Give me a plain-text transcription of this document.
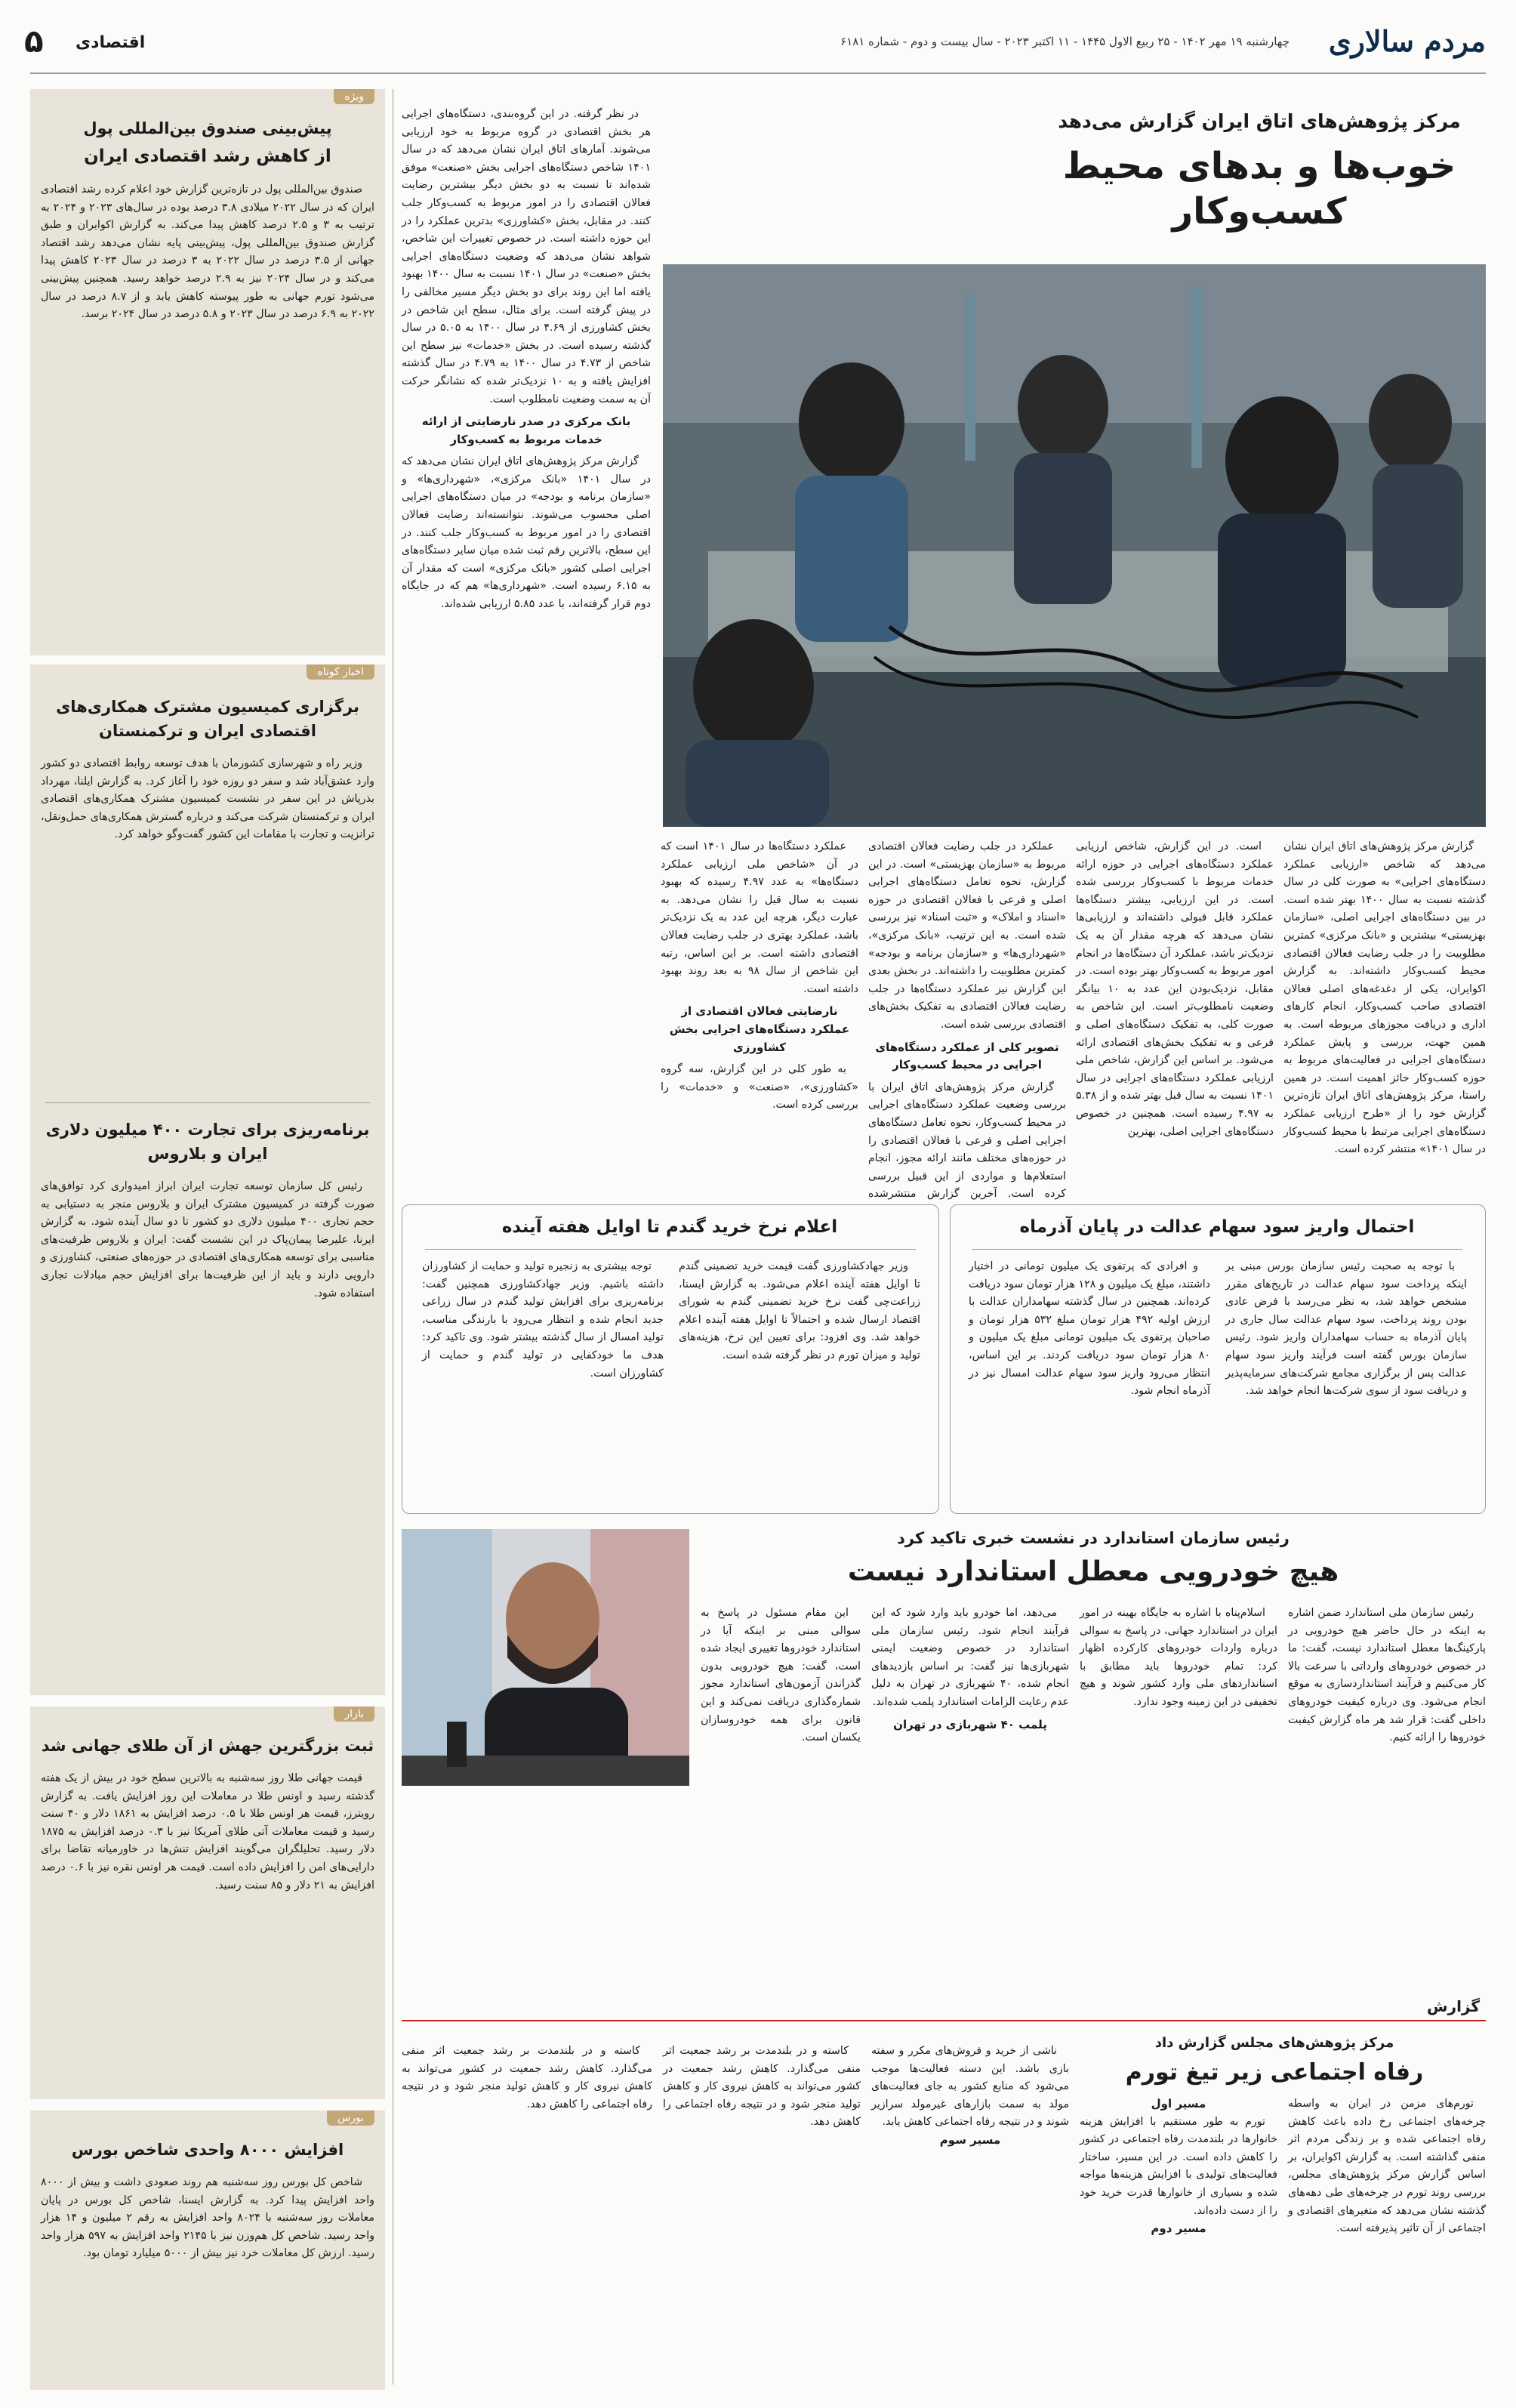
مردم سالاری
چهارشنبه ۱۹ مهر ۱۴۰۲ - ۲۵ ربیع الاول ۱۴۴۵ - ۱۱ اکتبر ۲۰۲۳ - سال بیست و دوم - شماره ۶۱۸۱
۵ اقتصادی
مرکز پژوهش‌های اتاق ایران گزارش می‌دهد
خوب‌ها و بدهای محیط کسب‌وکار

گزارش مرکز پژوهش‌های اتاق ایران نشان می‌دهد که شاخص «ارزیابی عملکرد دستگاه‌های اجرایی» به صورت کلی در سال گذشته نسبت به سال ۱۴۰۰ بهتر شده است. در بین دستگاه‌های اجرایی اصلی، «سازمان بهزیستی» بیشترین و «بانک مرکزی» کمترین مطلوبیت را در جلب رضایت فعالان اقتصادی محیط کسب‌وکار داشته‌اند. به گزارش اکوایران، یکی از دغدغه‌های اصلی فعالان اقتصادی صاحب کسب‌وکار، انجام کارهای اداری و دریافت مجوزهای مربوطه است. به همین جهت، بررسی و پایش عملکرد دستگاه‌های اجرایی در فعالیت‌های مربوط به حوزه کسب‌وکار حائز اهمیت است. در همین راستا، مرکز پژوهش‌های اتاق ایران تازه‌ترین گزارش خود را از «طرح ارزیابی عملکرد دستگاه‌های اجرایی مرتبط با محیط کسب‌وکار در سال ۱۴۰۱» منتشر کرده است.

است. در این گزارش، شاخص ارزیابی عملکرد دستگاه‌های اجرایی در حوزه ارائه خدمات مربوط با کسب‌وکار بررسی شده است. در این ارزیابی، بیشتر دستگاه‌ها عملکرد قابل قبولی داشته‌اند و ارزیابی‌ها نشان می‌دهد که هرچه مقدار آن به یک نزدیک‌تر باشد، عملکرد آن دستگاه‌ها در انجام امور مربوط به کسب‌وکار بهتر بوده است. در مقابل، نزدیک‌بودن این عدد به ۱۰ بیانگر وضعیت نامطلوب‌تر است. این شاخص به صورت کلی، به تفکیک دستگاه‌های اصلی و فرعی و به تفکیک بخش‌های اقتصادی ارائه می‌شود. بر اساس این گزارش، شاخص ملی ارزیابی عملکرد دستگاه‌های اجرایی در سال ۱۴۰۱ نسبت به سال قبل بهتر شده و از ۵.۳۸ به ۴.۹۷ رسیده است. همچنین در خصوص دستگاه‌های اجرایی اصلی، بهترین

عملکرد در جلب رضایت فعالان اقتصادی مربوط به «سازمان بهزیستی» است. در این گزارش، نحوه تعامل دستگاه‌های اجرایی اصلی و فرعی با فعالان اقتصادی در حوزه «اسناد و املاک» و «ثبت اسناد» نیز بررسی شده است. به این ترتیب، «بانک مرکزی»، «شهرداری‌ها» و «سازمان برنامه و بودجه» کمترین مطلوبیت را داشته‌اند. در بخش بعدی این گزارش نیز عملکرد دستگاه‌ها در جلب رضایت فعالان اقتصادی به تفکیک بخش‌های اقتصادی بررسی شده است.

تصویر کلی از عملکرد دستگاه‌های اجرایی در محیط کسب‌وکار

گزارش مرکز پژوهش‌های اتاق ایران با بررسی وضعیت عملکرد دستگاه‌های اجرایی در محیط کسب‌وکار، نحوه تعامل دستگاه‌های اجرایی اصلی و فرعی با فعالان اقتصادی را در حوزه‌های مختلف مانند ارائه مجوز، انجام استعلام‌ها و مواردی از این قبیل بررسی کرده است. آخرین گزارش منتشرشده

عملکرد دستگاه‌ها در سال ۱۴۰۱ است که در آن «شاخص ملی ارزیابی عملکرد دستگاه‌ها» به عدد ۴.۹۷ رسیده که بهبود نسبت به سال قبل را نشان می‌دهد. به عبارت دیگر، هرچه این عدد به یک نزدیک‌تر باشد، عملکرد بهتری در جلب رضایت فعالان اقتصادی داشته است. بر این اساس، رتبه این شاخص از سال ۹۸ به بعد روند بهبود داشته است.

نارضایتی فعالان اقتصادی از عملکرد دستگاه‌های اجرایی بخش کشاورزی

به طور کلی در این گزارش، سه گروه «کشاورزی»، «صنعت» و «خدمات» را بررسی کرده است.

در نظر گرفته. در این گروه‌بندی، دستگاه‌های اجرایی هر بخش اقتصادی در گروه مربوط به خود ارزیابی می‌شوند. آمارهای اتاق ایران نشان می‌دهد که در سال ۱۴۰۱ شاخص دستگاه‌های اجرایی بخش «صنعت» موفق شده‌اند تا نسبت به دو بخش دیگر بیشترین رضایت فعالان اقتصادی را در امور مربوط به کسب‌وکار جلب کنند. در مقابل، بخش «کشاورزی» بدترین عملکرد را در این حوزه داشته است. در خصوص تغییرات این شاخص، شواهد نشان می‌دهد که وضعیت دستگاه‌های اجرایی بخش «صنعت» در سال ۱۴۰۱ نسبت به سال ۱۴۰۰ بهبود یافته اما این روند برای دو بخش دیگر مسیر مخالفی را در پیش گرفته است. برای مثال، سطح این شاخص در بخش کشاورزی از ۴.۶۹ در سال ۱۴۰۰ به ۵.۰۵ در سال گذشته رسیده است. در بخش «خدمات» نیز سطح این شاخص از ۴.۷۳ در سال ۱۴۰۰ به ۴.۷۹ در سال گذشته افزایش یافته و به ۱۰ نزدیک‌تر شده که نشانگر حرکت آن به سمت وضعیت نامطلوب است.

بانک مرکزی در صدر نارضایتی از ارائه خدمات مربوط به کسب‌وکار

گزارش مرکز پژوهش‌های اتاق ایران نشان می‌دهد که در سال ۱۴۰۱ «بانک مرکزی»، «شهرداری‌ها» و «سازمان برنامه و بودجه» در میان دستگاه‌های اجرایی اصلی محسوب می‌شوند. نتوانسته‌اند رضایت فعالان اقتصادی را در امور مربوط به کسب‌وکار جلب کنند. در این سطح، بالاترین رقم ثبت شده میان سایر دستگاه‌های اجرایی اصلی کشور «بانک مرکزی» است که مقدار آن به ۶.۱۵ رسیده است. «شهرداری‌ها» هم که در جایگاه دوم قرار گرفته‌اند، با عدد ۵.۸۵ ارزیابی شده‌اند.

احتمال واریز سود سهام عدالت در پایان آذرماه

با توجه به صحبت رئیس سازمان بورس مبنی بر اینکه پرداخت سود سهام عدالت در تاریخ‌های مقرر مشخص خواهد شد، به نظر می‌رسد با فرض عادی بودن روند پرداخت، سود سهام عدالت سال جاری در پایان آذرماه به حساب سهامداران واریز شود. رئیس سازمان بورس گفته است فرآیند واریز سود سهام عدالت پس از برگزاری مجامع شرکت‌های سرمایه‌پذیر و دریافت سود از سوی شرکت‌ها انجام خواهد شد.

و افرادی که پرتفوی یک میلیون تومانی در اختیار داشتند، مبلغ یک میلیون و ۱۲۸ هزار تومان سود دریافت کرده‌اند. همچنین در سال گذشته سهامداران عدالت با ارزش اولیه ۴۹۲ هزار تومان مبلغ ۵۳۲ هزار تومان و صاحبان پرتفوی یک میلیون تومانی مبلغ یک میلیون و ۸۰ هزار تومان سود دریافت کردند. بر این اساس، انتظار می‌رود واریز سود سهام عدالت امسال نیز در آذرماه انجام شود.

اعلام نرخ خرید گندم تا اوایل هفته آینده

وزیر جهادکشاورزی گفت قیمت خرید تضمینی گندم تا اوایل هفته آینده اعلام می‌شود. به گزارش ایسنا، زراعت‌چی گفت نرخ خرید تضمینی گندم به شورای اقتصاد ارسال شده و احتمالاً تا اوایل هفته آینده اعلام خواهد شد. وی افزود: برای تعیین این نرخ، هزینه‌های تولید و میزان تورم در نظر گرفته شده است.

توجه بیشتری به زنجیره تولید و حمایت از کشاورزان داشته باشیم. وزیر جهادکشاورزی همچنین گفت: برنامه‌ریزی برای افزایش تولید گندم در سال زراعی جدید انجام شده و انتظار می‌رود با بارندگی مناسب، تولید امسال از سال گذشته بیشتر شود. وی تاکید کرد: هدف ما خودکفایی در تولید گندم و حمایت از کشاورزان است.

رئیس سازمان استاندارد در نشست خبری تاکید کرد
هیچ خودرویی معطل استاندارد نیست

رئیس سازمان ملی استاندارد ضمن اشاره به اینکه در حال حاضر هیچ خودرویی در پارکینگ‌ها معطل استاندارد نیست، گفت: ما در خصوص خودروهای وارداتی با سرعت بالا کار می‌کنیم و فرآیند استانداردسازی به موقع انجام می‌شود. وی درباره کیفیت خودروهای داخلی گفت: قرار شد هر ماه گزارش کیفیت خودروها را ارائه کنیم.

اسلام‌پناه با اشاره به جایگاه بهینه در امور ایران در استاندارد جهانی، در پاسخ به سوالی درباره واردات خودروهای کارکرده اظهار کرد: تمام خودروها باید مطابق با استانداردهای ملی وارد کشور شوند و هیچ تخفیفی در این زمینه وجود ندارد.

می‌دهد، اما خودرو باید وارد شود که این فرآیند انجام شود. رئیس سازمان ملی استاندارد در خصوص وضعیت ایمنی شهربازی‌ها نیز گفت: بر اساس بازدیدهای انجام شده، ۴۰ شهربازی در تهران به دلیل عدم رعایت الزامات استاندارد پلمب شده‌اند.

پلمب ۴۰ شهربازی در تهران

این مقام مسئول در پاسخ به سوالی مبنی بر اینکه آیا در استاندارد خودروها تغییری ایجاد شده است، گفت: هیچ خودرویی بدون گذراندن آزمون‌های استاندارد مجوز شماره‌گذاری دریافت نمی‌کند و این قانون برای همه خودروسازان یکسان است.

گزارش
مرکز پژوهش‌های مجلس گزارش داد
رفاه اجتماعی زیر تیغ تورم

تورم‌های مزمن در ایران به واسطه چرخه‌های اجتماعی رخ داده باعث کاهش رفاه اجتماعی شده و بر زندگی مردم اثر منفی گذاشته است. به گزارش اکوایران، بر اساس گزارش مرکز پژوهش‌های مجلس، بررسی روند تورم در چرخه‌های طی دهه‌های گذشته نشان می‌دهد که متغیرهای اقتصادی و اجتماعی از آن تاثیر پذیرفته است.

مسیر اول

تورم به طور مستقیم با افزایش هزینه خانوارها در بلندمدت رفاه اجتماعی در کشور را کاهش داده است. در این مسیر، ساختار فعالیت‌های تولیدی با افزایش هزینه‌ها مواجه شده و بسیاری از خانوارها قدرت خرید خود را از دست داده‌اند.

مسیر دوم

ناشی از خرید و فروش‌های مکرر و سفته بازی باشد. این دسته فعالیت‌ها موجب می‌شود که منابع کشور به جای فعالیت‌های مولد به سمت بازارهای غیرمولد سرازیر شوند و در نتیجه رفاه اجتماعی کاهش یابد.

مسیر سوم

کاسته و در بلندمدت بر رشد جمعیت اثر منفی می‌گذارد. کاهش رشد جمعیت در کشور می‌تواند به کاهش نیروی کار و کاهش تولید منجر شود و در نتیجه رفاه اجتماعی را کاهش دهد.

کاسته و در بلندمدت بر رشد جمعیت اثر منفی می‌گذارد. کاهش رشد جمعیت در کشور می‌تواند به کاهش نیروی کار و کاهش تولید منجر شود و در نتیجه رفاه اجتماعی را کاهش دهد.

ویژه
پیش‌بینی صندوق بین‌المللی پول
از کاهش رشد اقتصادی ایران

صندوق بین‌المللی پول در تازه‌ترین گزارش خود اعلام کرده رشد اقتصادی ایران که در سال ۲۰۲۲ میلادی ۳.۸ درصد بوده در سال‌های ۲۰۲۳ و ۲۰۲۴ به ترتیب به ۳ و ۲.۵ درصد کاهش پیدا می‌کند. به گزارش اکوایران و طبق گزارش صندوق بین‌المللی پول، پیش‌بینی پایه نشان می‌دهد رشد اقتصاد جهانی از ۳.۵ درصد در سال ۲۰۲۲ به ۳ درصد در سال ۲۰۲۳ کاهش پیدا می‌کند و در سال ۲۰۲۴ نیز به ۲.۹ درصد خواهد رسید. همچنین پیش‌بینی می‌شود تورم جهانی به طور پیوسته کاهش یابد و از ۸.۷ درصد در سال ۲۰۲۲ به ۶.۹ درصد در سال ۲۰۲۳ و ۵.۸ درصد در سال ۲۰۲۴ برسد.

اخبار کوتاه
برگزاری کمیسیون مشترک همکاری‌های اقتصادی ایران و ترکمنستان

وزیر راه و شهرسازی کشورمان با هدف توسعه روابط اقتصادی دو کشور وارد عشق‌آباد شد و سفر دو روزه خود را آغاز کرد. به گزارش ایلنا، مهرداد بذرپاش در این سفر در نشست کمیسیون مشترک همکاری‌های اقتصادی ایران و ترکمنستان شرکت می‌کند و درباره گسترش همکاری‌های حمل‌ونقل، ترانزیت و تجارت با مقامات این کشور گفت‌وگو خواهد کرد.

برنامه‌ریزی برای تجارت ۴۰۰ میلیون دلاری ایران و بلاروس

رئیس کل سازمان توسعه تجارت ایران ابراز امیدواری کرد توافق‌های صورت گرفته در کمیسیون مشترک ایران و بلاروس منجر به دستیابی به حجم تجاری ۴۰۰ میلیون دلاری دو کشور تا دو سال آینده شود. به گزارش ایرنا، علیرضا پیمان‌پاک در این نشست گفت: ایران و بلاروس ظرفیت‌های مناسبی برای توسعه همکاری‌های اقتصادی در حوزه‌های صنعتی، کشاورزی و دارویی دارند و باید از این ظرفیت‌ها برای افزایش حجم مبادلات تجاری استفاده شود.

بازار
ثبت بزرگترین جهش از آن طلای جهانی شد

قیمت جهانی طلا روز سه‌شنبه به بالاترین سطح خود در بیش از یک هفته گذشته رسید و اونس طلا در معاملات این روز افزایش یافت. به گزارش رویترز، قیمت هر اونس طلا با ۰.۵ درصد افزایش به ۱۸۶۱ دلار و ۴۰ سنت رسید و قیمت معاملات آتی طلای آمریکا نیز با ۰.۳ درصد افزایش به ۱۸۷۵ دلار رسید. تحلیلگران می‌گویند افزایش تنش‌ها در خاورمیانه تقاضا برای دارایی‌های امن را افزایش داده است. قیمت هر اونس نقره نیز با ۰.۶ درصد افزایش به ۲۱ دلار و ۸۵ سنت رسید.

بورس
افزایش ۸۰۰۰ واحدی شاخص بورس

شاخص کل بورس روز سه‌شنبه هم روند صعودی داشت و بیش از ۸۰۰۰ واحد افزایش پیدا کرد. به گزارش ایسنا، شاخص کل بورس در پایان معاملات روز سه‌شنبه با ۸۰۲۴ واحد افزایش به رقم ۲ میلیون و ۱۴ هزار واحد رسید. شاخص کل هم‌وزن نیز با ۲۱۴۵ واحد افزایش به ۵۹۷ هزار واحد رسید. ارزش کل معاملات خرد نیز بیش از ۵۰۰۰ میلیارد تومان بود.
